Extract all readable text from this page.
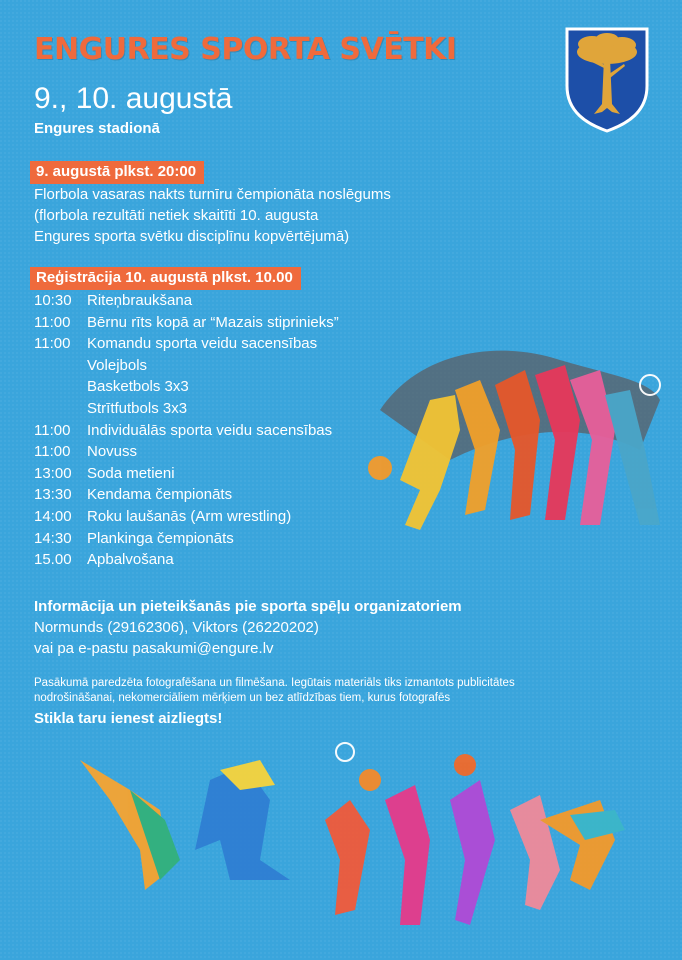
ENGURES SPORTA SVĒTKI
9., 10. augustā
Engures stadionā
9. augustā plkst. 20:00
Florbola vasaras nakts turnīru čempionāta noslēgums
(florbola rezultāti netiek skaitīti 10. augusta
Engures sporta svētku disciplīnu kopvērtējumā)
Reģistrācija 10. augustā plkst. 10.00
10:30	Riteņbraukšana
11:00	Bērnu rīts kopā ar “Mazais stiprinieks”
11:00	Komandu sporta veidu sacensības
Volejbols
Basketbols 3x3
Strītfutbols 3x3
11:00	Individuālās sporta veidu sacensības
11:00	Novuss
13:00	Soda metieni
13:30	Kendama čempionāts
14:00	Roku laušanās (Arm wrestling)
14:30	Plankinga čempionāts
15.00	Apbalvošana
Informācija un pieteikšanās pie sporta spēļu organizatoriem
Normunds (29162306), Viktors (26220202)
vai pa e-pastu pasakumi@engure.lv
Pasākumā paredzēta fotografēšana un filmēšana. Iegūtais materiāls tiks izmantots publicitātes
nodrošināšanai, nekomerciāliem mērķiem un bez atlīdzības tiem, kurus fotografēs
Stikla taru ienest aizliegts!
